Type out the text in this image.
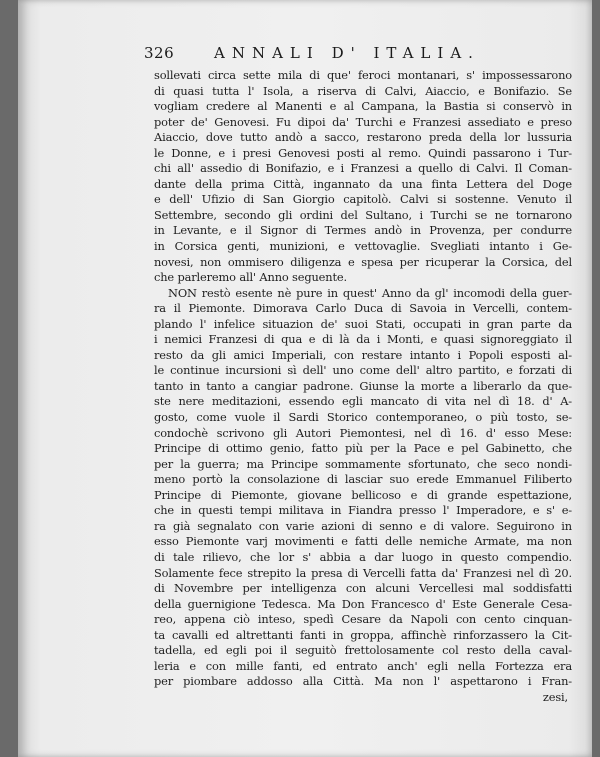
326	ANNALI D' ITALIA.
sollevati circa sette mila di que' feroci montanari, s' impossessarono
di quasi tutta l' Isola, a riserva di Calvi, Aiaccio, e Bonifazio. Se
vogliam credere al Manenti e al Campana, la Bastia si conservò in
poter de' Genovesi. Fu dipoi da' Turchi e Franzesi assediato e preso
Aiaccio, dove tutto andò a sacco, restarono preda della lor lussuria
le Donne, e i presi Genovesi posti al remo. Quindi passarono i Tur-
chi all' assedio di Bonifazio, e i Franzesi a quello di Calvi. Il Coman-
dante della prima Città, ingannato da una finta Lettera del Doge
e dell' Ufizio di San Giorgio capitolò. Calvi si sostenne. Venuto il
Settembre, secondo gli ordini del Sultano, i Turchi se ne tornarono
in Levante, e il Signor di Termes andò in Provenza, per condurre
in Corsica genti, munizioni, e vettovaglie. Svegliati intanto i Ge-
novesi, non ommisero diligenza e spesa per ricuperar la Corsica, del
che parleremo all' Anno seguente.
NON restò esente nè pure in quest' Anno da gl' incomodi della guer-
ra il Piemonte. Dimorava Carlo Duca di Savoia in Vercelli, contem-
plando l' infelice situazion de' suoi Stati, occupati in gran parte da
i nemici Franzesi di qua e di là da i Monti, e quasi signoreggiato il
resto da gli amici Imperiali, con restare intanto i Popoli esposti al-
le continue incursioni sì dell' uno come dell' altro partito, e forzati di
tanto in tanto a cangiar padrone. Giunse la morte a liberarlo da que-
ste nere meditazioni, essendo egli mancato di vita nel dì 18. d' A-
gosto, come vuole il Sardi Storico contemporaneo, o più tosto, se-
condochè scrivono gli Autori Piemontesi, nel dì 16. d' esso Mese:
Principe di ottimo genio, fatto più per la Pace e pel Gabinetto, che
per la guerra; ma Principe sommamente sfortunato, che seco nondi-
meno portò la consolazione di lasciar suo erede Emmanuel Filiberto
Principe di Piemonte, giovane bellicoso e di grande espettazione,
che in questi tempi militava in Fiandra presso l' Imperadore, e s' e-
ra già segnalato con varie azioni di senno e di valore. Seguirono in
esso Piemonte varj movimenti e fatti delle nemiche Armate, ma non
di tale rilievo, che lor s' abbia a dar luogo in questo compendio.
Solamente fece strepito la presa di Vercelli fatta da' Franzesi nel dì 20.
di Novembre per intelligenza con alcuni Vercellesi mal soddisfatti
della guernigione Tedesca. Ma Don Francesco d' Este Generale Cesa-
reo, appena ciò inteso, spedì Cesare da Napoli con cento cinquan-
ta cavalli ed altrettanti fanti in groppa, affinchè rinforzassero la Cit-
tadella, ed egli poi il seguitò frettolosamente col resto della caval-
leria e con mille fanti, ed entrato anch' egli nella Fortezza era
per piombare addosso alla Città. Ma non l' aspettarono i Fran-
zesi,
